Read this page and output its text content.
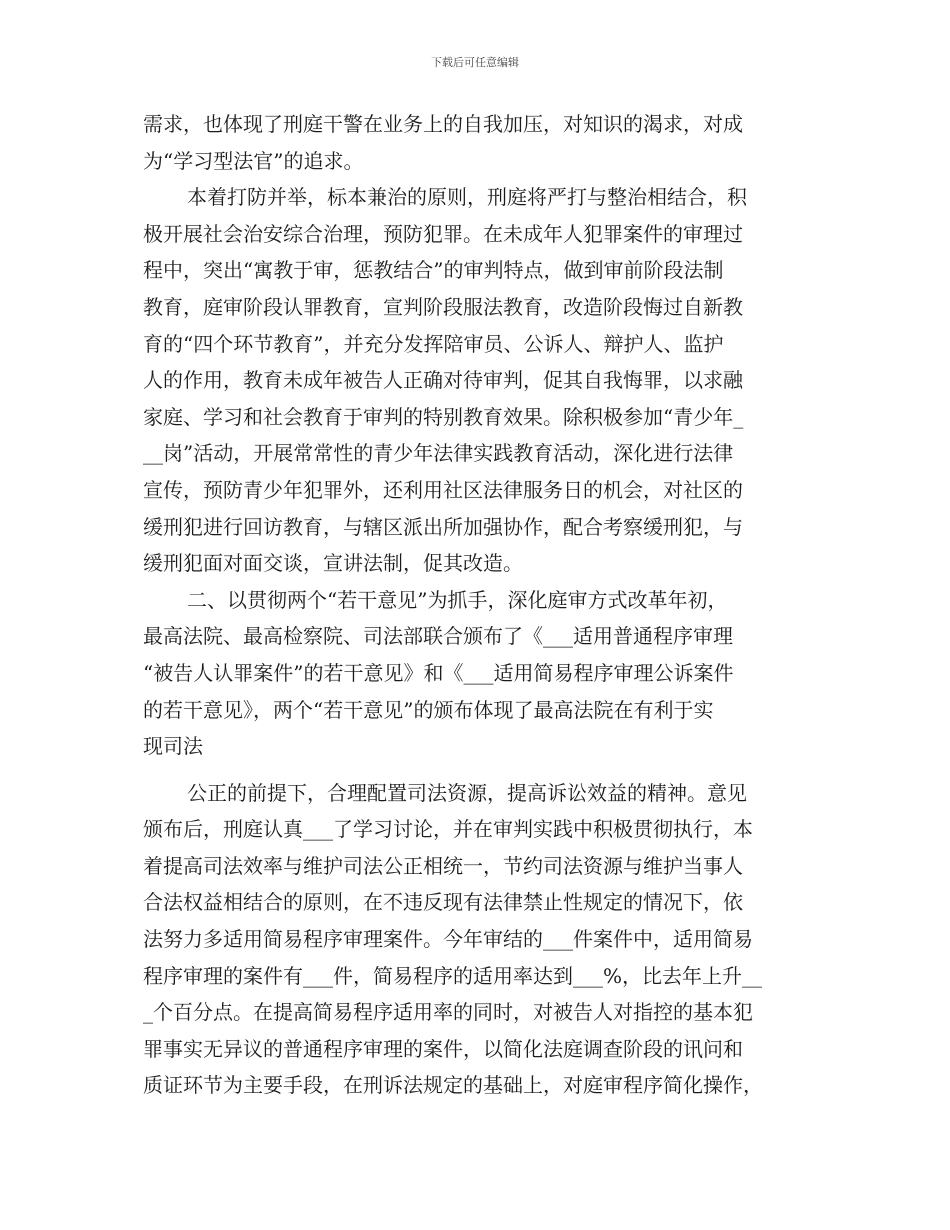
下载后可任意编辑
需求，也体现了刑庭干警在业务上的自我加压，对知识的渴求，对成
为“学习型法官”的追求。
本着打防并举，标本兼治的原则，刑庭将严打与整治相结合，积
极开展社会治安综合治理，预防犯罪。在未成年人犯罪案件的审理过
程中，突出“寓教于审，惩教结合”的审判特点，做到审前阶段法制
教育，庭审阶段认罪教育，宣判阶段服法教育，改造阶段悔过自新教
育的“四个环节教育”，并充分发挥陪审员、公诉人、辩护人、监护
人的作用，教育未成年被告人正确对待审判，促其自我悔罪，以求融
家庭、学习和社会教育于审判的特别教育效果。除积极参加“青少年_
__岗”活动，开展常常性的青少年法律实践教育活动，深化进行法律
宣传，预防青少年犯罪外，还利用社区法律服务日的机会，对社区的
缓刑犯进行回访教育，与辖区派出所加强协作，配合考察缓刑犯，与
缓刑犯面对面交谈，宣讲法制，促其改造。
二、以贯彻两个“若干意见”为抓手，深化庭审方式改革年初，
最高法院、最高检察院、司法部联合颁布了《___适用普通程序审理
“被告人认罪案件”的若干意见》和《___适用简易程序审理公诉案件
的若干意见》，两个“若干意见”的颁布体现了最高法院在有利于实
现司法
公正的前提下，合理配置司法资源，提高诉讼效益的精神。意见
颁布后，刑庭认真___了学习讨论，并在审判实践中积极贯彻执行，本
着提高司法效率与维护司法公正相统一，节约司法资源与维护当事人
合法权益相结合的原则，在不违反现有法律禁止性规定的情况下，依
法努力多适用简易程序审理案件。今年审结的___件案件中，适用简易
程序审理的案件有___件，简易程序的适用率达到___%，比去年上升__
_个百分点。在提高简易程序适用率的同时，对被告人对指控的基本犯
罪事实无异议的普通程序审理的案件，以简化法庭调查阶段的讯问和
质证环节为主要手段，在刑诉法规定的基础上，对庭审程序简化操作，
